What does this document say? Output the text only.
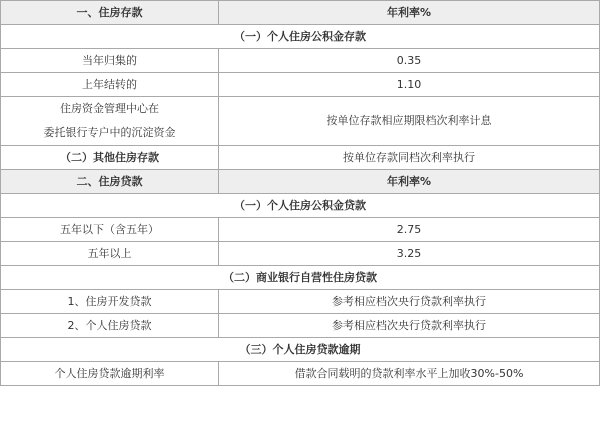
一、住房存款	年利率%
（一）个人住房公积金存款	
当年归集的	0.35
上年结转的	1.10
住房资金管理中心在
委托银行专户中的沉淀资金	按单位存款相应期限档次利率计息
（二）其他住房存款	按单位存款同档次利率执行
二、住房贷款	年利率%
（一）个人住房公积金贷款	
五年以下（含五年）	2.75
五年以上	3.25
（二）商业银行自营性住房贷款	
1、住房开发贷款	参考相应档次央行贷款利率执行
2、个人住房贷款	参考相应档次央行贷款利率执行
（三）个人住房贷款逾期	
个人住房贷款逾期利率	借款合同载明的贷款利率水平上加收30%-50%
